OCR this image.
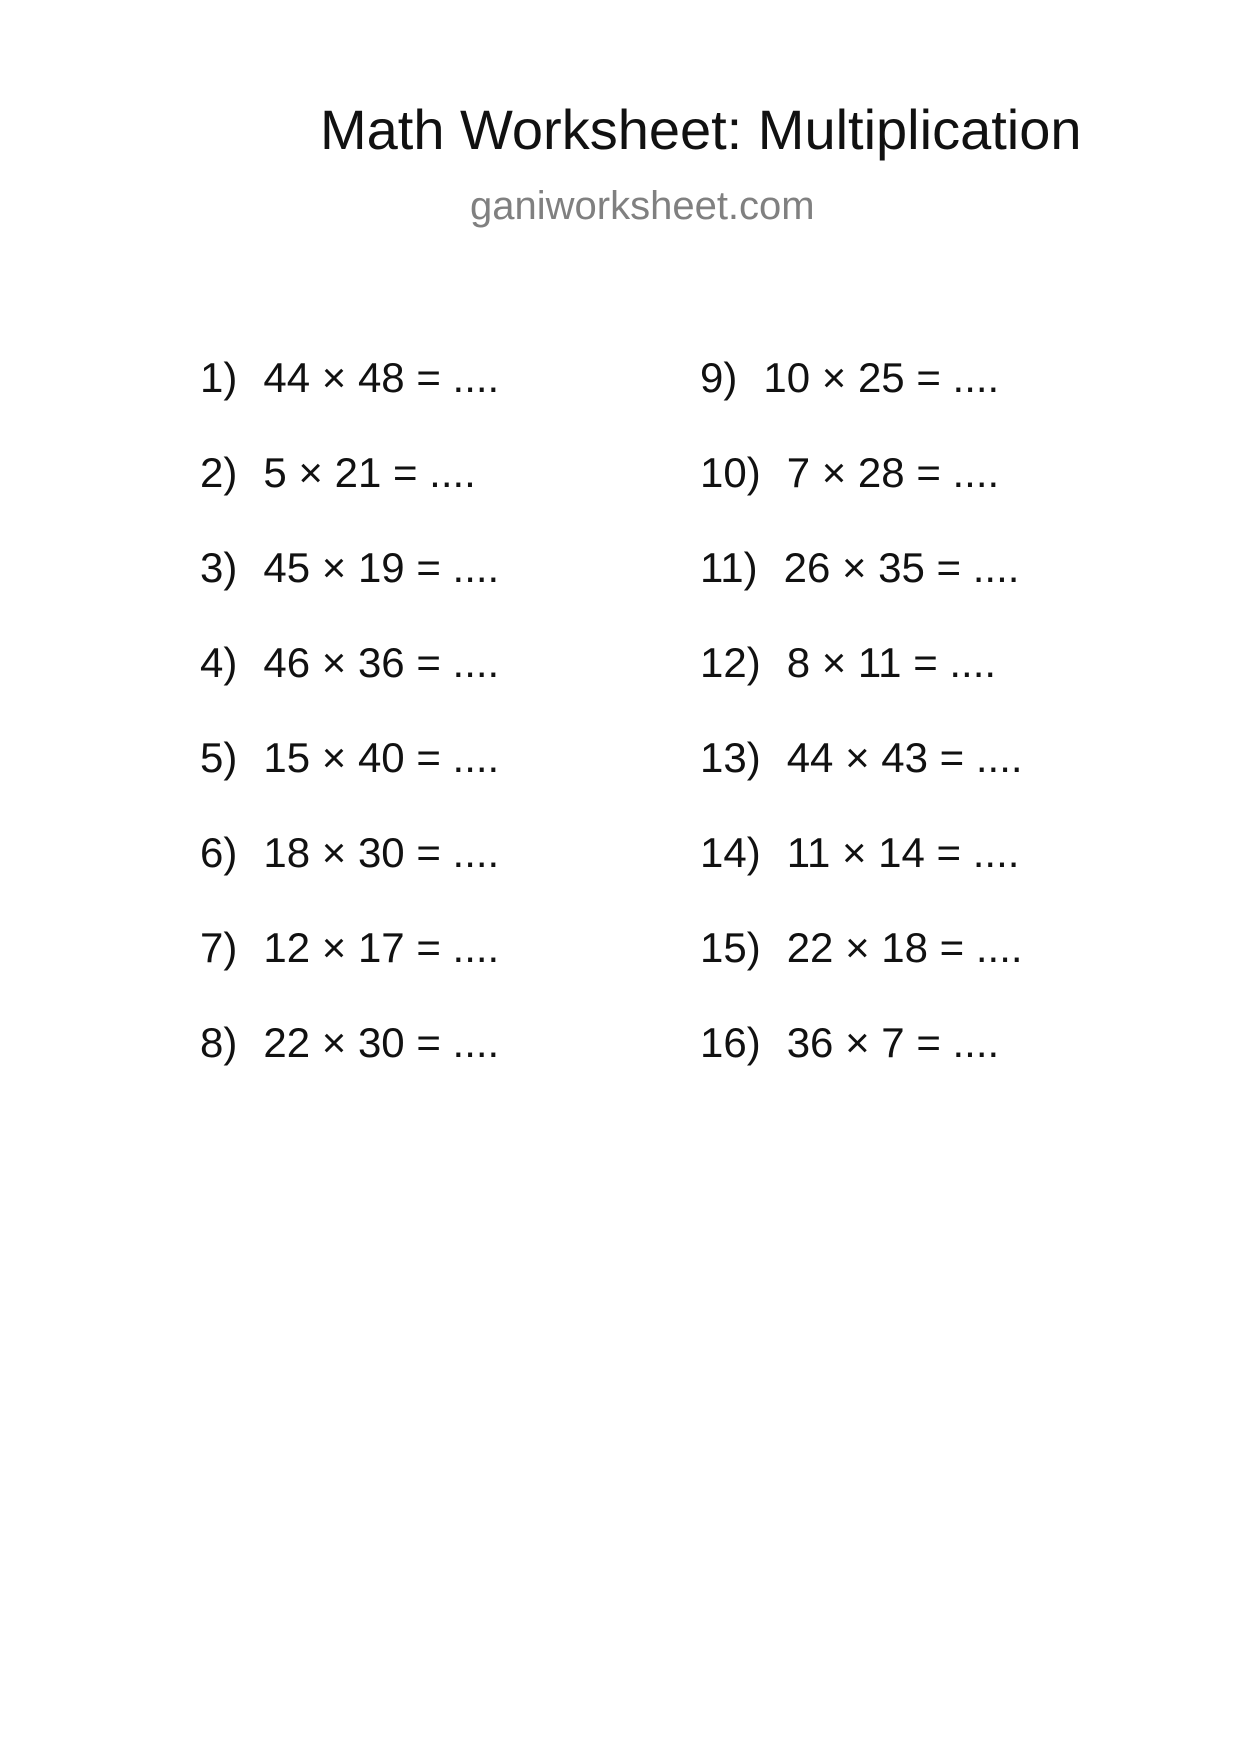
Math Worksheet: Multiplication
ganiworksheet.com
1) 44 × 48 = ....
2) 5 × 21 = ....
3) 45 × 19 = ....
4) 46 × 36 = ....
5) 15 × 40 = ....
6) 18 × 30 = ....
7) 12 × 17 = ....
8) 22 × 30 = ....
9) 10 × 25 = ....
10) 7 × 28 = ....
11) 26 × 35 = ....
12) 8 × 11 = ....
13) 44 × 43 = ....
14) 11 × 14 = ....
15) 22 × 18 = ....
16) 36 × 7 = ....
